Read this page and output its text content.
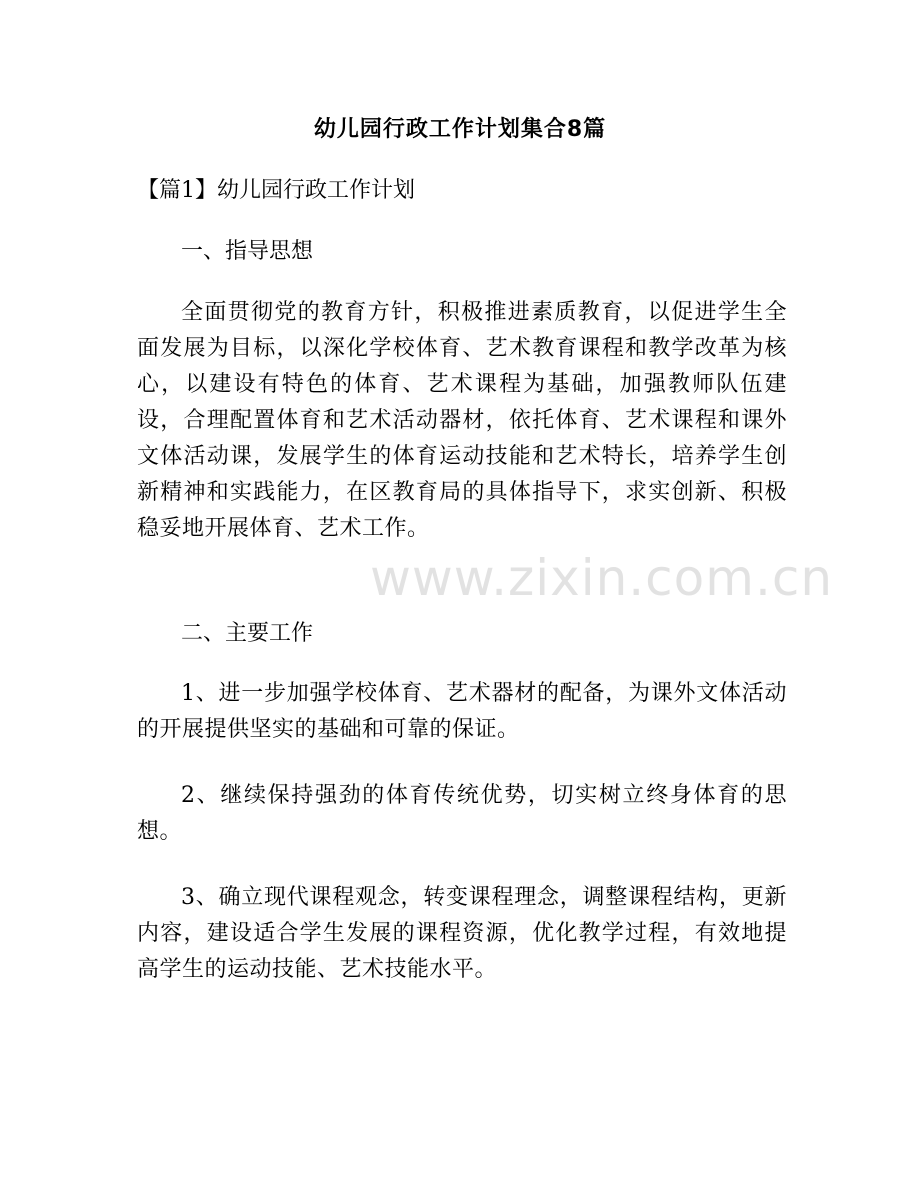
幼儿园行政工作计划集合8篇

【篇1】幼儿园行政工作计划

一、指导思想

全面贯彻党的教育方针，积极推进素质教育，以促进学生全面发展为目标，以深化学校体育、艺术教育课程和教学改革为核心，以建设有特色的体育、艺术课程为基础，加强教师队伍建设，合理配置体育和艺术活动器材，依托体育、艺术课程和课外文体活动课，发展学生的体育运动技能和艺术特长，培养学生创新精神和实践能力，在区教育局的具体指导下，求实创新、积极稳妥地开展体育、艺术工作。

二、主要工作

1、进一步加强学校体育、艺术器材的配备，为课外文体活动的开展提供坚实的基础和可靠的保证。

2、继续保持强劲的体育传统优势，切实树立终身体育的思想。

3、确立现代课程观念，转变课程理念，调整课程结构，更新内容，建设适合学生发展的课程资源，优化教学过程，有效地提高学生的运动技能、艺术技能水平。

www.zixin.com.cn
